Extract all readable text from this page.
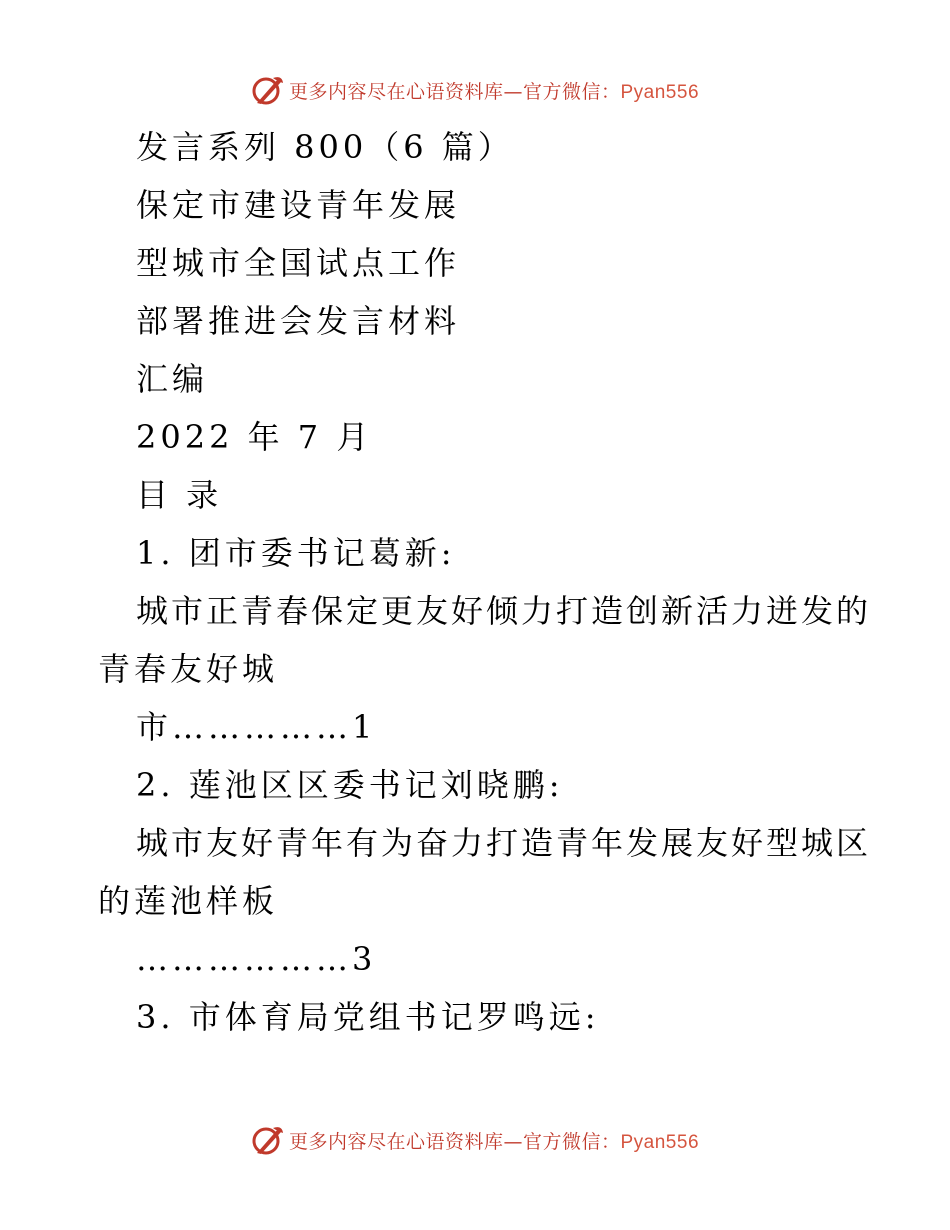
更多内容尽在心语资料库—官方微信：Pyan556
发言系列 800（6 篇）
保定市建设青年发展
型城市全国试点工作
部署推进会发言材料
汇编
2022 年 7 月
目 录
1. 团市委书记葛新:
城市正青春保定更友好倾力打造创新活力迸发的
青春友好城
市……………1
2. 莲池区区委书记刘晓鹏:
城市友好青年有为奋力打造青年发展友好型城区
的莲池样板
………………3
3. 市体育局党组书记罗鸣远:
更多内容尽在心语资料库—官方微信：Pyan556
